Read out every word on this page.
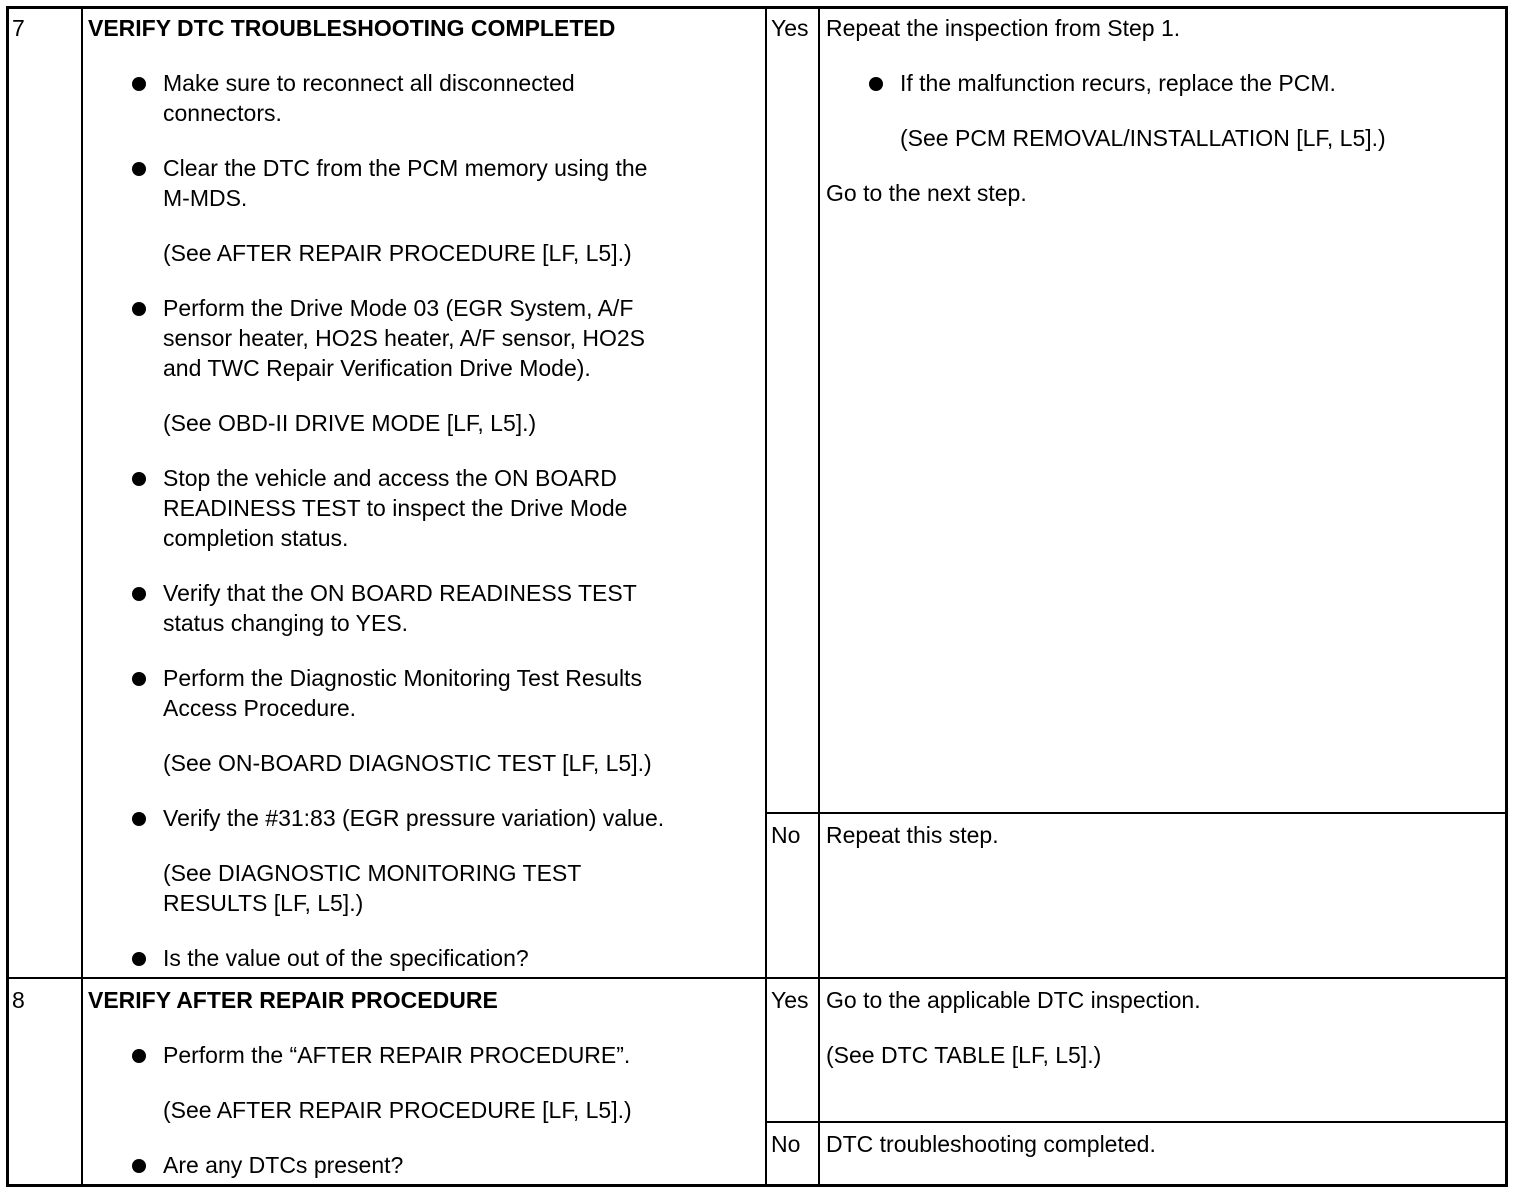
7	VERIFY DTC TROUBLESHOOTING COMPLETED
Make sure to reconnect all disconnected
connectors.
Clear the DTC from the PCM memory using the
M-MDS.
(See AFTER REPAIR PROCEDURE [LF, L5].)
Perform the Drive Mode 03 (EGR System, A/F
sensor heater, HO2S heater, A/F sensor, HO2S
and TWC Repair Verification Drive Mode).
(See OBD-II DRIVE MODE [LF, L5].)
Stop the vehicle and access the ON BOARD
READINESS TEST to inspect the Drive Mode
completion status.
Verify that the ON BOARD READINESS TEST
status changing to YES.
Perform the Diagnostic Monitoring Test Results
Access Procedure.
(See ON-BOARD DIAGNOSTIC TEST [LF, L5].)
Verify the #31:83 (EGR pressure variation) value.
(See DIAGNOSTIC MONITORING TEST
RESULTS [LF, L5].)
Is the value out of the specification?
Yes Repeat the inspection from Step 1.
If the malfunction recurs, replace the PCM.
(See PCM REMOVAL/INSTALLATION [LF, L5].)
Go to the next step.
No Repeat this step.
8	VERIFY AFTER REPAIR PROCEDURE
Perform the “AFTER REPAIR PROCEDURE”.
(See AFTER REPAIR PROCEDURE [LF, L5].)
Are any DTCs present?
Yes Go to the applicable DTC inspection.
(See DTC TABLE [LF, L5].)
No DTC troubleshooting completed.
